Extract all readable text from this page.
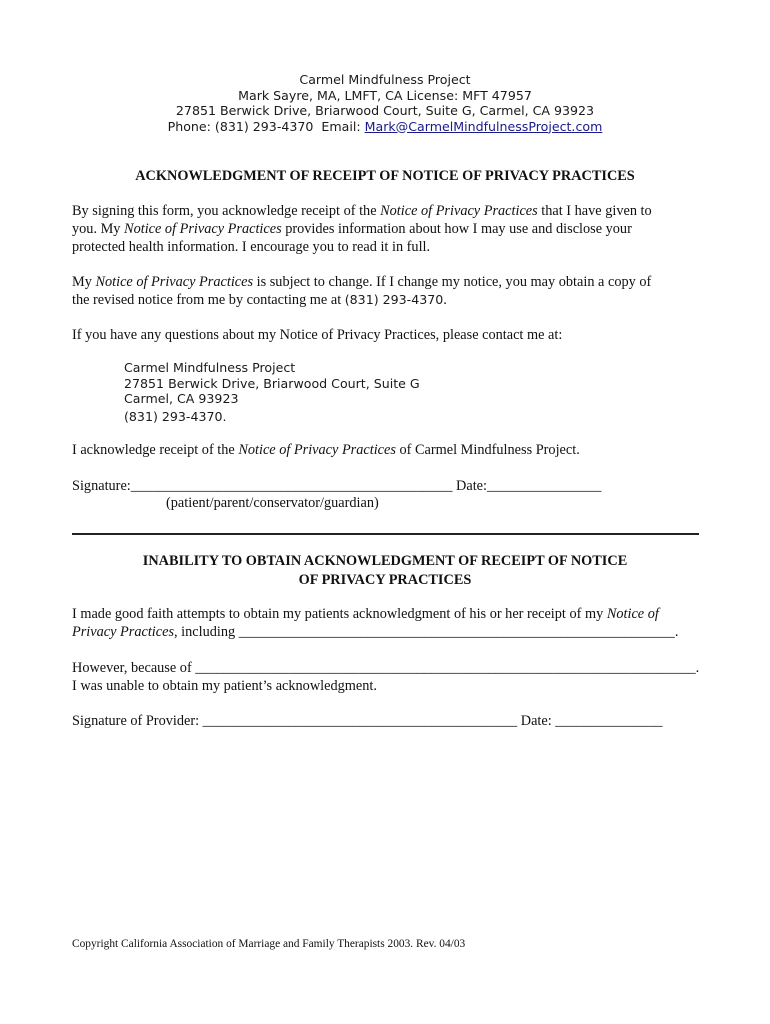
Carmel Mindfulness Project
Mark Sayre, MA, LMFT, CA License: MFT 47957
27851 Berwick Drive, Briarwood Court, Suite G, Carmel, CA 93923
Phone: (831) 293-4370  Email: Mark@CarmelMindfulnessProject.com
ACKNOWLEDGMENT OF RECEIPT OF NOTICE OF PRIVACY PRACTICES
By signing this form, you acknowledge receipt of the Notice of Privacy Practices that I have given to
you. My Notice of Privacy Practices provides information about how I may use and disclose your
protected health information. I encourage you to read it in full.
My Notice of Privacy Practices is subject to change. If I change my notice, you may obtain a copy of
the revised notice from me by contacting me at (831) 293-4370.
If you have any questions about my Notice of Privacy Practices, please contact me at:
Carmel Mindfulness Project
27851 Berwick Drive, Briarwood Court, Suite G
Carmel, CA 93923
(831) 293-4370.
I acknowledge receipt of the Notice of Privacy Practices of Carmel Mindfulness Project.
Signature:_____________________________________________ Date:________________
(patient/parent/conservator/guardian)
INABILITY TO OBTAIN ACKNOWLEDGMENT OF RECEIPT OF NOTICE
OF PRIVACY PRACTICES
I made good faith attempts to obtain my patients acknowledgment of his or her receipt of my Notice of
Privacy Practices, including _____________________________________________________________.
However, because of ______________________________________________________________________.
I was unable to obtain my patient’s acknowledgment.
Signature of Provider: ____________________________________________ Date: _______________
Copyright California Association of Marriage and Family Therapists 2003. Rev. 04/03
